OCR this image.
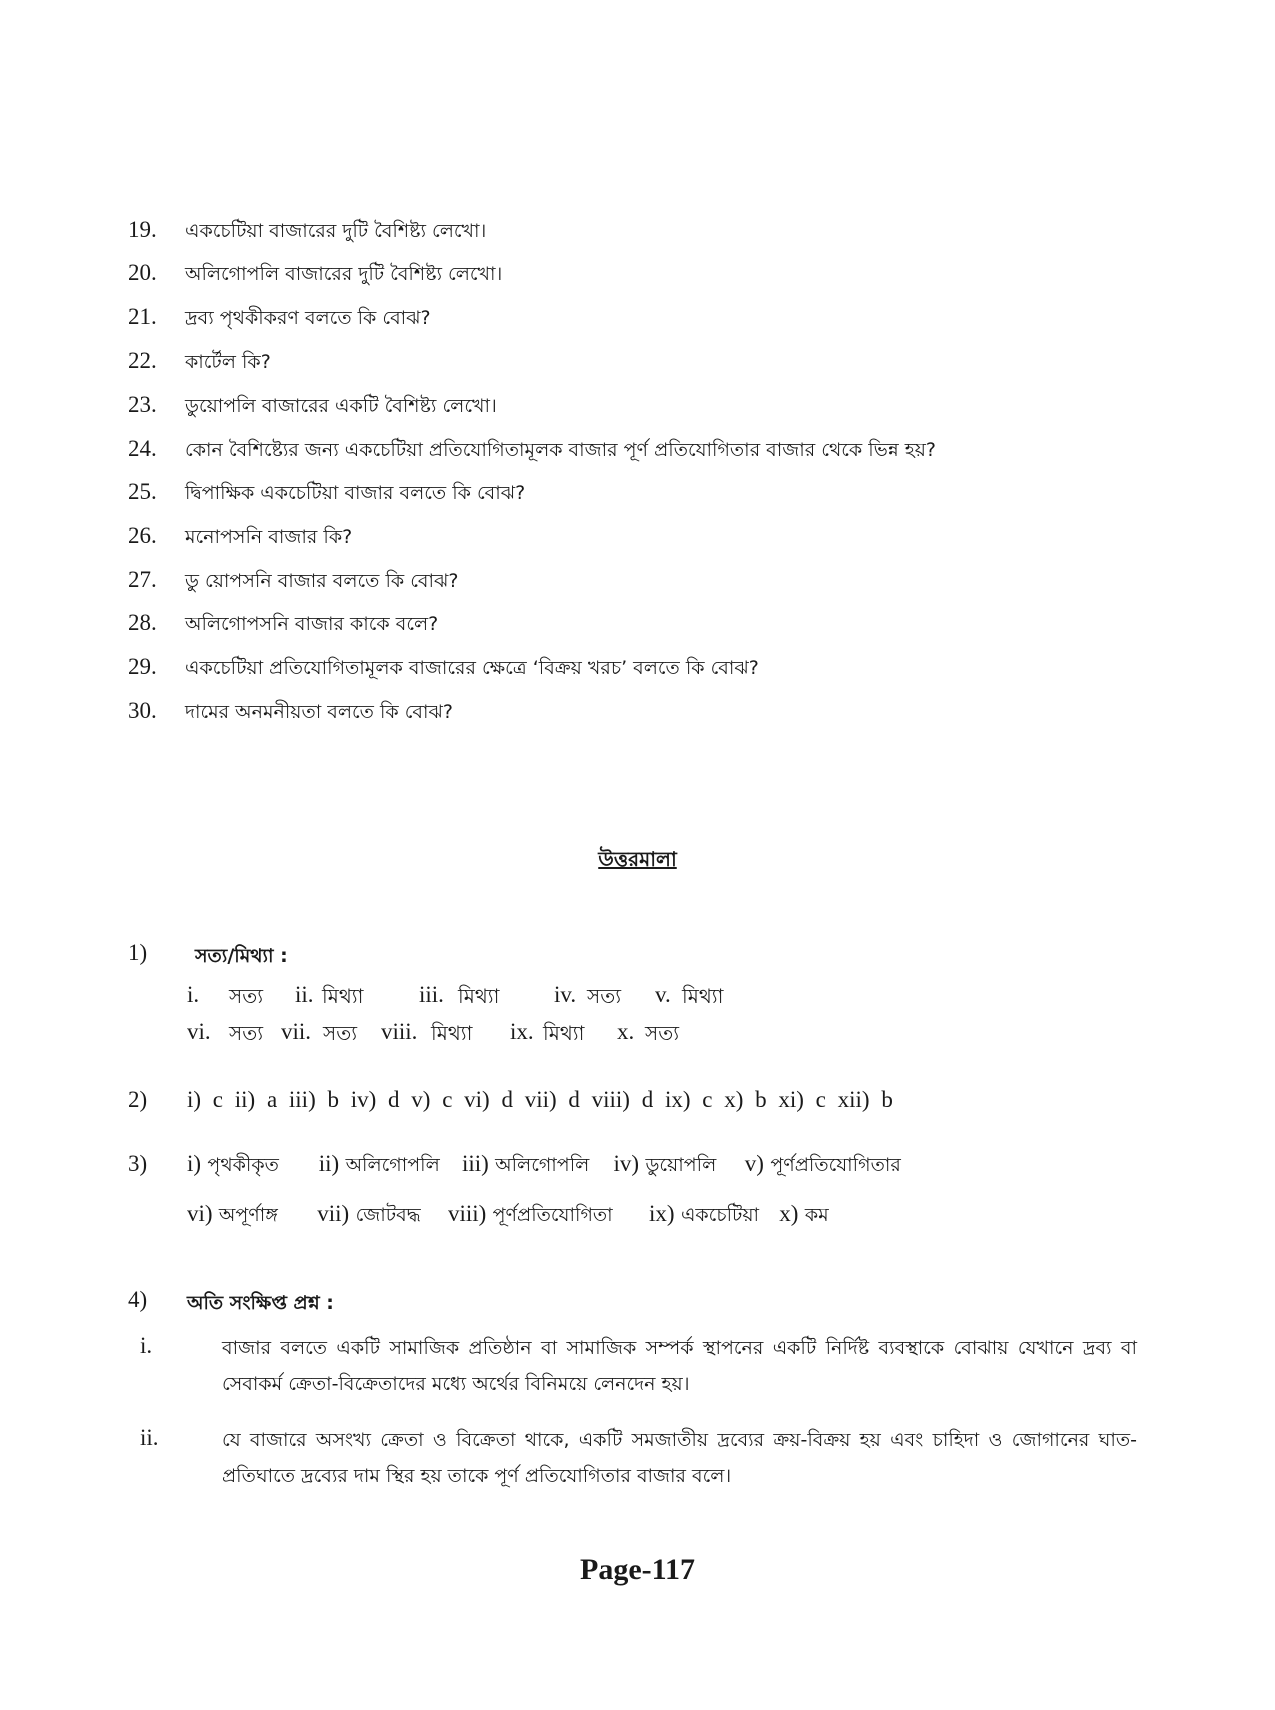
19. একচেটিয়া বাজারের দুটি বৈশিষ্ট্য লেখো।
20. অলিগোপলি বাজারের দুটি বৈশিষ্ট্য লেখো।
21. দ্রব্য পৃথকীকরণ বলতে কি বোঝ?
22. কার্টেল কি?
23. ডুয়োপলি বাজারের একটি বৈশিষ্ট্য লেখো।
24. কোন বৈশিষ্ট্যের জন্য একচেটিয়া প্রতিযোগিতামূলক বাজার পূর্ণ প্রতিযোগিতার বাজার থেকে ভিন্ন হয়?
25. দ্বিপাক্ষিক একচেটিয়া বাজার বলতে কি বোঝ?
26. মনোপসনি বাজার কি?
27. ডু য়োপসনি বাজার বলতে কি বোঝ?
28. অলিগোপসনি বাজার কাকে বলে?
29. একচেটিয়া প্রতিযোগিতামূলক বাজারের ক্ষেত্রে ‘বিক্রয় খরচ’ বলতে কি বোঝ?
30. দামের অনমনীয়তা বলতে কি বোঝ?
উত্তরমালা
1)	সত্য/মিথ্যা :
i.	সত্য	ii. মিথ্যা	iii. মিথ্যা	iv. সত্য	v. মিথ্যা
vi. সত্য vii. সত্য	viii. মিথ্যা	ix. মিথ্যা	x. সত্য
2) i) c ii) a iii) b iv) d v) c vi) d vii) d viii) d ix) c x) b xi) c xii) b
3) i) পৃথকীকৃত ii) অলিগোপলি iii) অলিগোপলি iv) ডুয়োপলি v) পূর্ণপ্রতিযোগিতার
vi) অপূর্ণাঙ্গ vii) জোটবদ্ধ viii) পূর্ণপ্রতিযোগিতা ix) একচেটিয়া x) কম
4) অতি সংক্ষিপ্ত প্রশ্ন :
i.	বাজার বলতে একটি সামাজিক প্রতিষ্ঠান বা সামাজিক সম্পর্ক স্থাপনের একটি নির্দিষ্ট ব্যবস্থাকে বোঝায় যেখানে দ্রব্য বা সেবাকর্ম ক্রেতা-বিক্রেতাদের মধ্যে অর্থের বিনিময়ে লেনদেন হয়।
ii.	যে বাজারে অসংখ্য ক্রেতা ও বিক্রেতা থাকে, একটি সমজাতীয় দ্রব্যের ক্রয়-বিক্রয় হয় এবং চাহিদা ও জোগানের ঘাত-প্রতিঘাতে দ্রব্যের দাম স্থির হয় তাকে পূর্ণ প্রতিযোগিতার বাজার বলে।
Page-117
